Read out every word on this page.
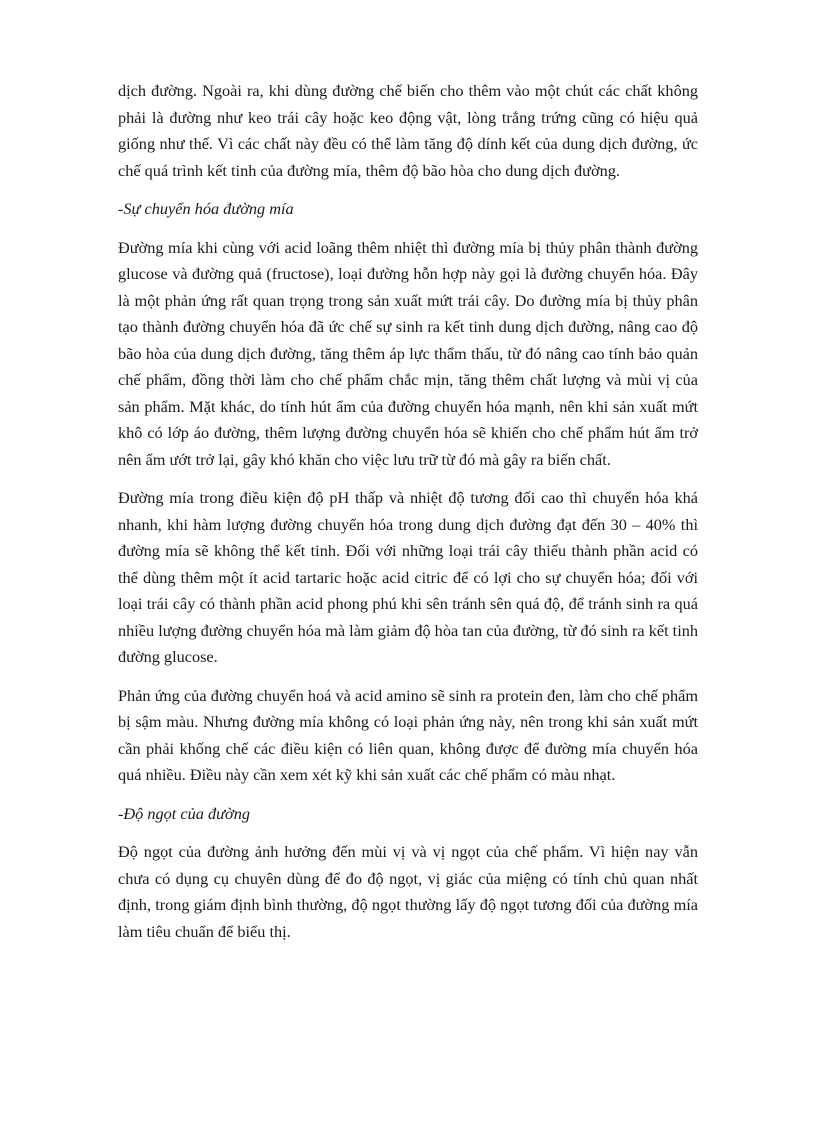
dịch đường. Ngoài ra, khi dùng đường chế biến cho thêm vào một chút các chất không phải là đường như keo trái cây hoặc keo động vật, lòng trắng trứng cũng có hiệu quả giống như thế. Vì các chất này đều có thể làm tăng độ dính kết của dung dịch đường, ức chế quá trình kết tinh của đường mía, thêm độ bão hòa cho dung dịch đường.

-Sự chuyển hóa đường mía

Đường mía khi cùng với acid loãng thêm nhiệt thì đường mía bị thủy phân thành đường glucose và đường quả (fructose), loại đường hỗn hợp này gọi là đường chuyển hóa. Đây là một phản ứng rất quan trọng trong sản xuất mứt trái cây. Do đường mía bị thủy phân tạo thành đường chuyển hóa đã ức chế sự sinh ra kết tinh dung dịch đường, nâng cao độ bão hòa của dung dịch đường, tăng thêm áp lực thẩm thấu, từ đó nâng cao tính bảo quản chế phẩm, đồng thời làm cho chế phẩm chắc mịn, tăng thêm chất lượng và mùi vị của sản phẩm. Mặt khác, do tính hút ẩm của đường chuyển hóa mạnh, nên khi sản xuất mứt khô có lớp áo đường, thêm lượng đường chuyển hóa sẽ khiến cho chế phẩm hút ẩm trở nên ẩm ướt trở lại, gây khó khăn cho việc lưu trữ từ đó mà gây ra biến chất.

Đường mía trong điều kiện độ pH thấp và nhiệt độ tương đối cao thì chuyển hóa khá nhanh, khi hàm lượng đường chuyển hóa trong dung dịch đường đạt đến 30 – 40% thì đường mía sẽ không thể kết tinh. Đối với những loại trái cây thiếu thành phần acid có thể dùng thêm một ít acid tartaric hoặc acid citric để có lợi cho sự chuyển hóa; đối với loại trái cây có thành phần acid phong phú khi sên tránh sên quá độ, để tránh sinh ra quá nhiều lượng đường chuyển hóa mà làm giảm độ hòa tan của đường, từ đó sinh ra kết tinh đường glucose.

Phản ứng của đường chuyển hoá và acid amino sẽ sinh ra protein đen, làm cho chế phẩm bị sậm màu. Nhưng đường mía không có loại phản ứng này, nên trong khi sản xuất mứt cần phải khống chế các điều kiện có liên quan, không được để đường mía chuyển hóa quá nhiều. Điều này cần xem xét kỹ khi sản xuất các chế phẩm có màu nhạt.

-Độ ngọt của đường

Độ ngọt của đường ảnh hưởng đến mùi vị và vị ngọt của chế phẩm. Vì hiện nay vẫn chưa có dụng cụ chuyên dùng để đo độ ngọt, vị giác của miệng có tính chủ quan nhất định, trong giám định bình thường, độ ngọt thường lấy độ ngọt tương đối của đường mía làm tiêu chuẩn để biểu thị.
